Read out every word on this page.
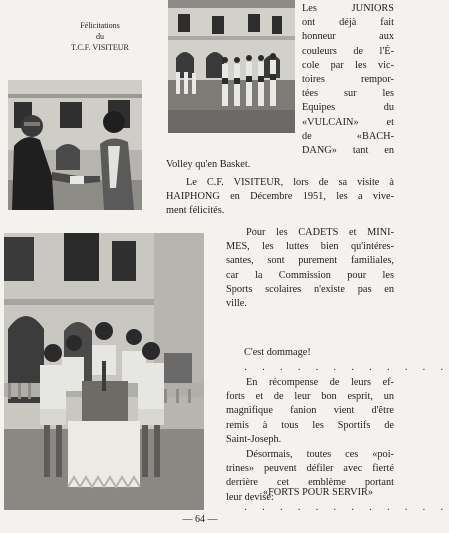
Félicitations
du
T.C.F. VISITEUR
Les JUNIORS
ont déjà fait
honneur aux
couleurs de l'É-
cole par les vic-
toires rempor-
tées sur les
Equipes du
«VULCAIN» et
de «BACH-
DANG» tant en
Volley qu'en Basket.
Le C.F. VISITEUR, lors de sa visite à
HAIPHONG en Décembre 1951, les a vive-
ment félicités.
Pour les CADETS et MINI-
MES, les luttes bien qu'intéres-
santes, sont purement familiales,
car la Commission pour les
Sports scolaires n'existe pas en
ville.
C'est dommage!
· · · · · · · · · · · ·
En récompense de leurs ef-
forts et de leur bon esprit, un
magnifique fanion vient d'être
remis à tous les Sportifs de
Saint-Joseph.
Désormais, toutes ces «poi-
trines» peuvent défiler avec fierté
derrière cet emblème portant
leur devise:
«FORTS POUR SERVIR»
· · · · · · · · · · · ·
— 64 —
